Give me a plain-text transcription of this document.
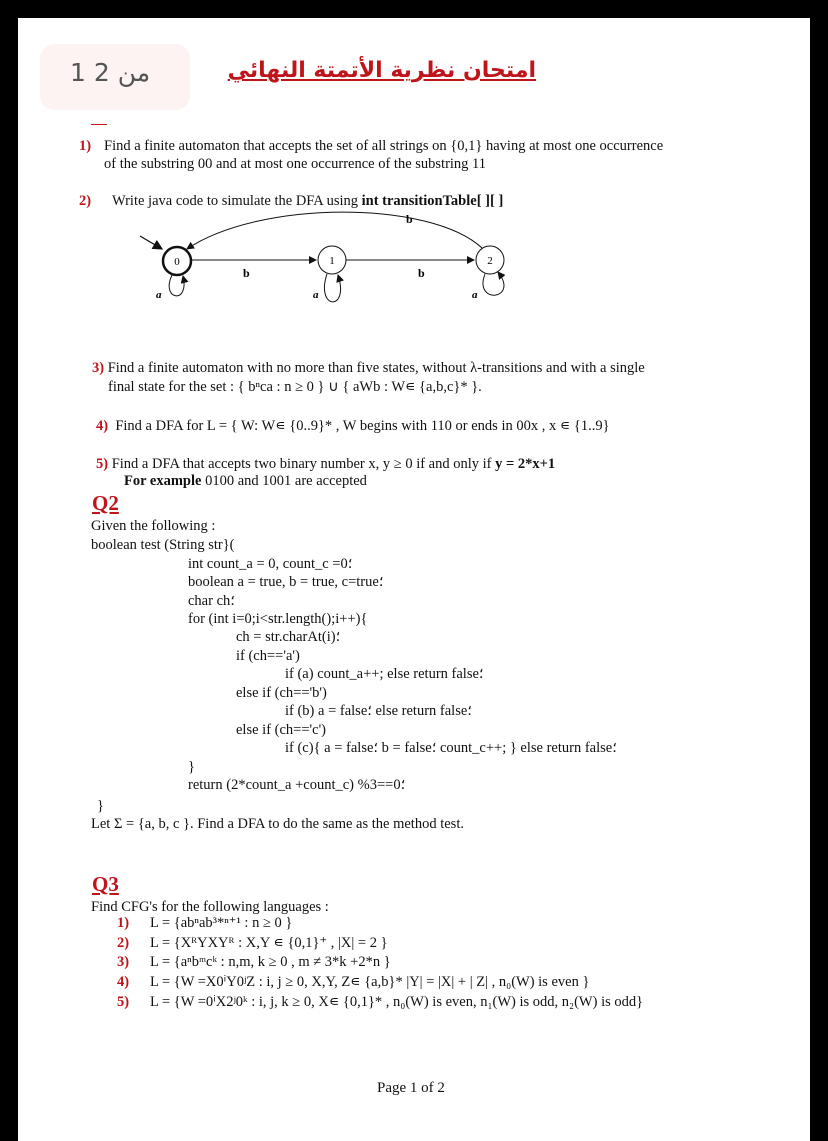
1 من 2	امتحان نظرية الأتمتة النهائي
1) Find a finite automaton that accepts the set of all strings on {0,1} having at most one occurrence
of the substring 00 and at most one occurrence of the substring 11
2) Write java code to simulate the DFA using int transitionTable[ ][ ]
0	1	2
b	b
b
a	a	a
3) Find a finite automaton with no more than five states, without λ-transitions and with a single
final state for the set : { bⁿca : n ≥ 0 } ∪ { aWb : W∊ {a,b,c}* }.
4) Find a DFA for L = { W: W∊ {0..9}* , W begins with 110 or ends in 00x , x ∊ {1..9}
5) Find a DFA that accepts two binary number x, y ≥ 0 if and only if y = 2*x+1
For example 0100 and 1001 are accepted
Q2
Given the following :
boolean test (String str}(
int count_a = 0, count_c =0؛
boolean a = true, b = true, c=true؛
char ch؛
for (int i=0;i<str.length();i++){
ch = str.charAt(i)؛
if (ch=='a')
if (a) count_a++; else return false؛
else if (ch=='b')
if (b) a = false؛ else return false؛
else if (ch=='c')
if (c){ a = false؛ b = false؛ count_c++; } else return false؛
}
return (2*count_a +count_c) %3==0؛
}
Let Σ = {a, b, c }. Find a DFA to do the same as the method test.
Q3
Find CFG's for the following languages :
1) L = {abⁿab³*ⁿ⁺¹ : n ≥ 0 }
2) L = {XᴿYXYᴿ : X,Y ∊ {0,1}⁺ , |X| = 2 }
3) L = {aⁿbᵐcᵏ : n,m, k ≥ 0 , m ≠ 3*k +2*n }
4) L = {W =X0ⁱY0ʲZ : i, j ≥ 0, X,Y, Z∊ {a,b}* |Y| = |X| + | Z| , n₀(W) is even }
5) L = {W =0ⁱX2ʲ0ᵏ : i, j, k ≥ 0, X∊ {0,1}* , n₀(W) is even, n₁(W) is odd, n₂(W) is odd}
Page 1 of 2
